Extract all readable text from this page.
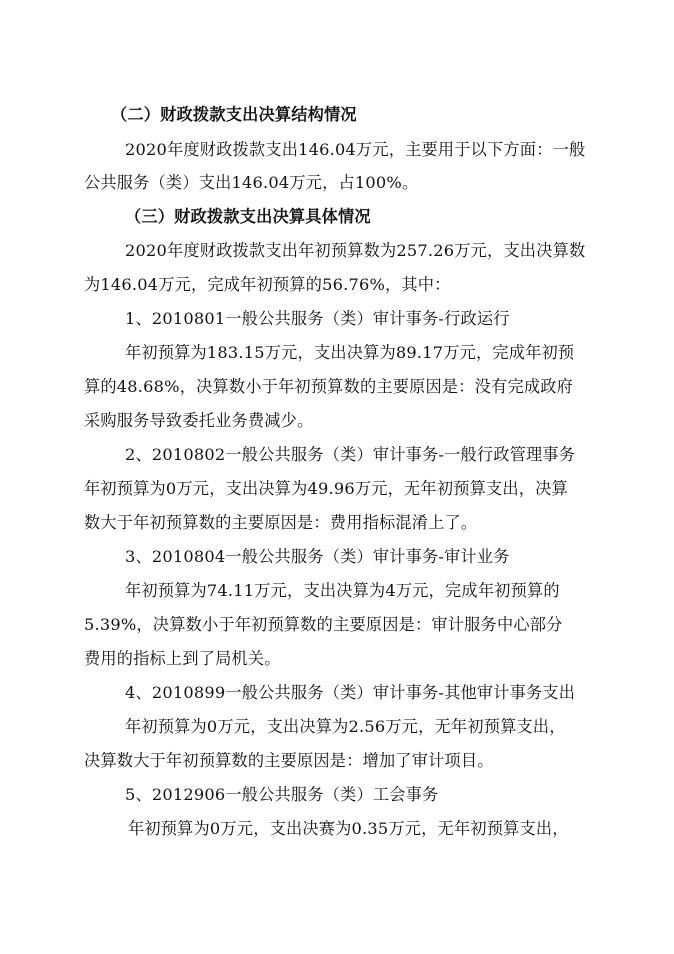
（二）财政拨款支出决算结构情况
2020年度财政拨款支出146.04万元，主要用于以下方面：一般
公共服务（类）支出146.04万元，占100%。
（三）财政拨款支出决算具体情况
2020年度财政拨款支出年初预算数为257.26万元，支出决算数
为146.04万元，完成年初预算的56.76%，其中：
1、2010801一般公共服务（类）审计事务-行政运行
年初预算为183.15万元，支出决算为89.17万元，完成年初预
算的48.68%，决算数小于年初预算数的主要原因是：没有完成政府
采购服务导致委托业务费减少。
2、2010802一般公共服务（类）审计事务-一般行政管理事务
年初预算为0万元，支出决算为49.96万元，无年初预算支出，决算
数大于年初预算数的主要原因是：费用指标混淆上了。
3、2010804一般公共服务（类）审计事务-审计业务
年初预算为74.11万元，支出决算为4万元，完成年初预算的
5.39%，决算数小于年初预算数的主要原因是：审计服务中心部分
费用的指标上到了局机关。
4、2010899一般公共服务（类）审计事务-其他审计事务支出
年初预算为0万元，支出决算为2.56万元，无年初预算支出，
决算数大于年初预算数的主要原因是：增加了审计项目。
5、2012906一般公共服务（类）工会事务
年初预算为0万元，支出决赛为0.35万元，无年初预算支出，
